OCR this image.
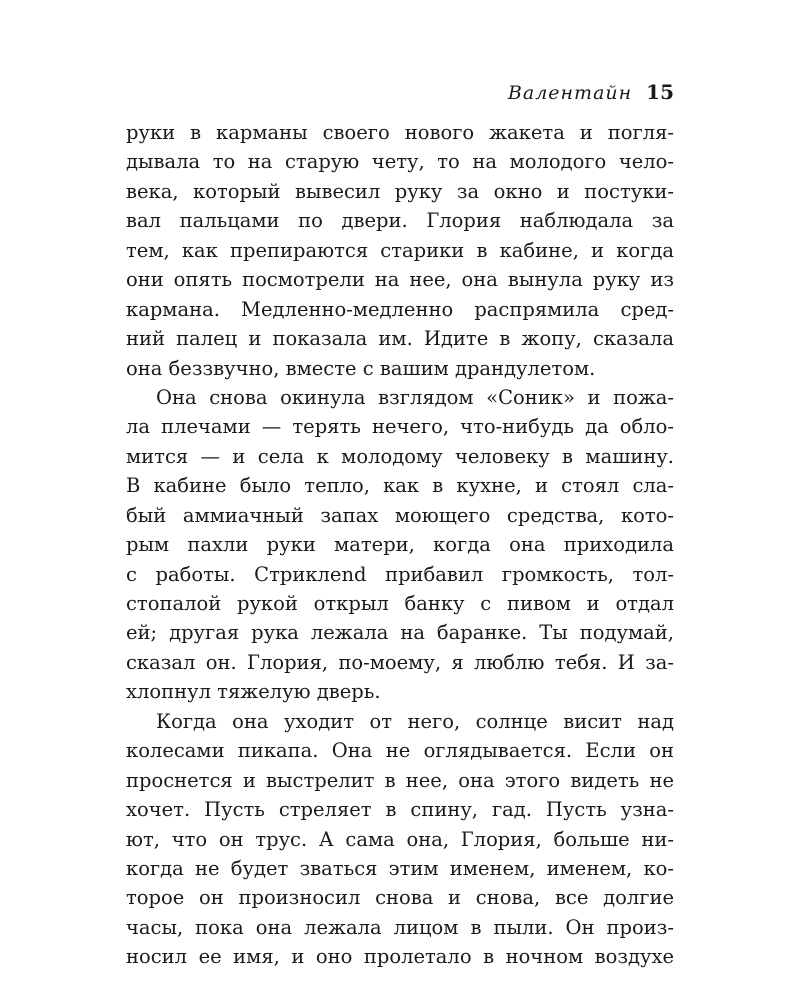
Валентайн 15
руки в карманы своего нового жакета и погля-
дывала то на старую чету, то на молодого чело-
века, который вывесил руку за окно и постуки-
вал пальцами по двери. Глория наблюдала за
тем, как препираются старики в кабине, и когда
они опять посмотрели на нее, она вынула руку из
кармана. Медленно-медленно распрямила сред-
ний палец и показала им. Идите в жопу, сказала
она беззвучно, вместе с вашим драндулетом.
Она снова окинула взглядом «Соник» и пожа-
ла плечами — терять нечего, что-нибудь да обло-
мится — и села к молодому человеку в машину.
В кабине было тепло, как в кухне, и стоял сла-
бый аммиачный запах моющего средства, кото-
рым пахли руки матери, когда она приходила
с работы. Стриклend прибавил громкость, тол-
стопалой рукой открыл банку с пивом и отдал
ей; другая рука лежала на баранке. Ты подумай,
сказал он. Глория, по-моему, я люблю тебя. И за-
хлопнул тяжелую дверь.
Когда она уходит от него, солнце висит над
колесами пикапа. Она не оглядывается. Если он
проснется и выстрелит в нее, она этого видеть не
хочет. Пусть стреляет в спину, гад. Пусть узна-
ют, что он трус. А сама она, Глория, больше ни-
когда не будет зваться этим именем, именем, ко-
торое он произносил снова и снова, все долгие
часы, пока она лежала лицом в пыли. Он произ-
носил ее имя, и оно пролетало в ночном воздухе
